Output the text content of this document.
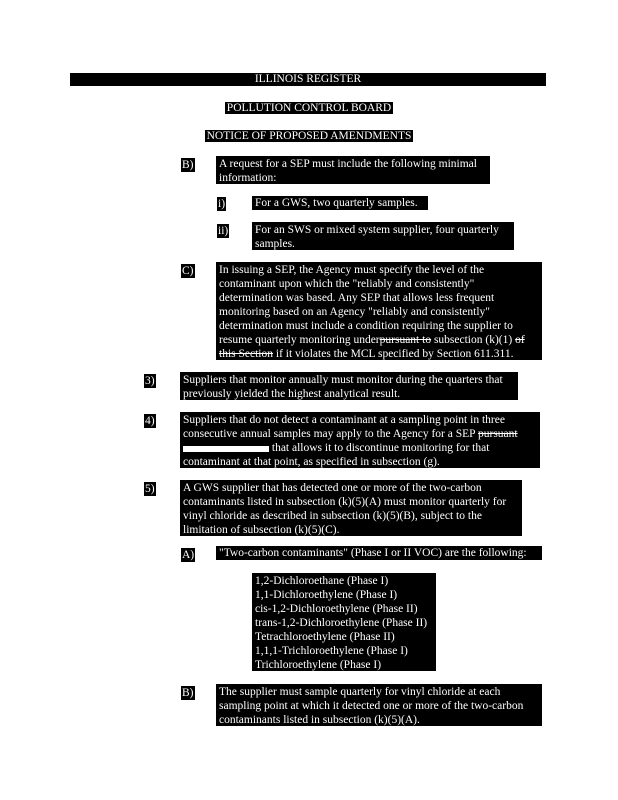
ILLINOIS REGISTER
POLLUTION CONTROL BOARD
NOTICE OF PROPOSED AMENDMENTS
B) A request for a SEP must include the following minimal
information:
i)	For a GWS, two quarterly samples.
ii) For an SWS or mixed system supplier, four quarterly
samples.
C) In issuing a SEP, the Agency must specify the level of the
contaminant upon which the "reliably and consistently"
determination was based. Any SEP that allows less frequent
monitoring based on an Agency "reliably and consistently"
determination must include a condition requiring the supplier to
resume quarterly monitoring underpursuant to subsection (k)(1) of
this Section if it violates the MCL specified by Section 611.311.
3) Suppliers that monitor annually must monitor during the quarters that
previously yielded the highest analytical result.
4) Suppliers that do not detect a contaminant at a sampling point in three
consecutive annual samples may apply to the Agency for a SEP pursuant
that allows it to discontinue monitoring for that
contaminant at that point, as specified in subsection (g).
5) A GWS supplier that has detected one or more of the two-carbon
contaminants listed in subsection (k)(5)(A) must monitor quarterly for
vinyl chloride as described in subsection (k)(5)(B), subject to the
limitation of subsection (k)(5)(C).
A) "Two-carbon contaminants" (Phase I or II VOC) are the following:
1,2-Dichloroethane (Phase I)
1,1-Dichloroethylene (Phase I)
cis-1,2-Dichloroethylene (Phase II)
trans-1,2-Dichloroethylene (Phase II)
Tetrachloroethylene (Phase II)
1,1,1-Trichloroethylene (Phase I)
Trichloroethylene (Phase I)
B) The supplier must sample quarterly for vinyl chloride at each
sampling point at which it detected one or more of the two-carbon
contaminants listed in subsection (k)(5)(A).
